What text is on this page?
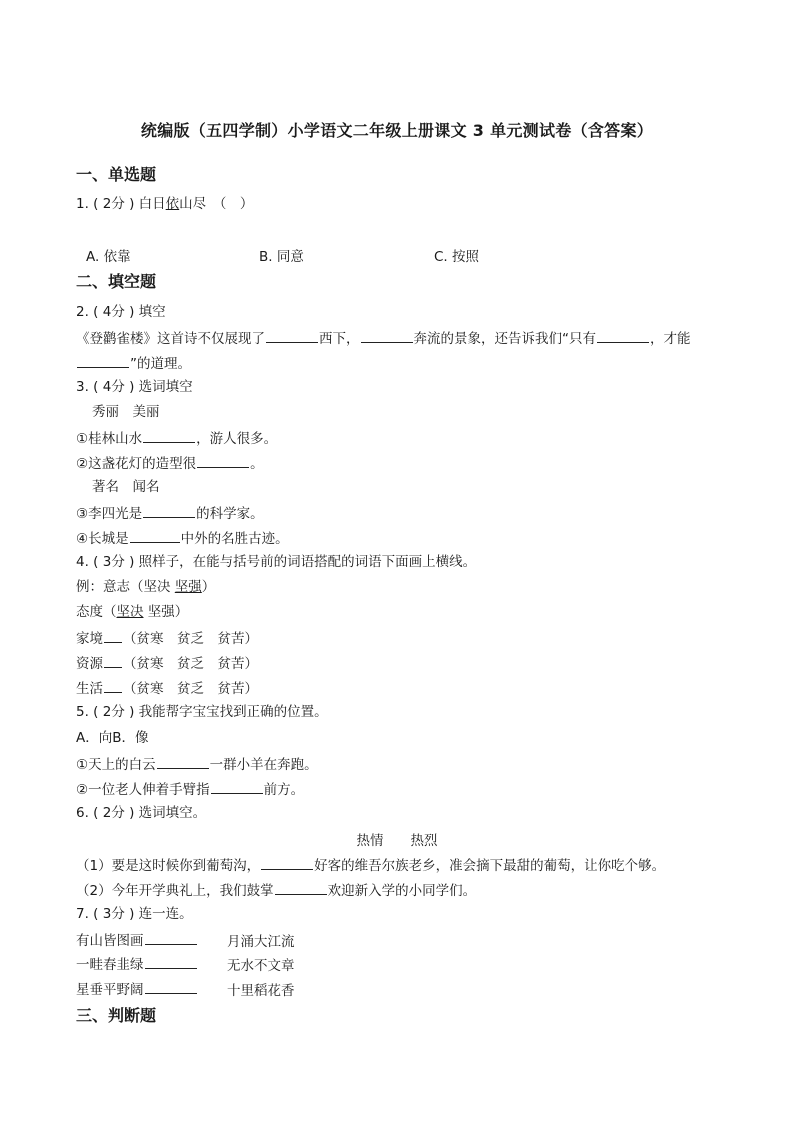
统编版（五四学制）小学语文二年级上册课文 3 单元测试卷（含答案）
一、单选题
1. ( 2分 ) 白日依山尽　（　）
A. 依靠	B. 同意	C. 按照
二、填空题
2. ( 4分 ) 填空
《登鹳雀楼》这首诗不仅展现了	西下，	奔流的景象，还告诉我们“只有	，才能
”的道理。
3. ( 4分 ) 选词填空
秀丽　美丽
①桂林山水	，游人很多。
②这盏花灯的造型很	。
著名　闻名
③李四光是	的科学家。
④长城是	中外的名胜古迹。
4. ( 3分 ) 照样子，在能与括号前的词语搭配的词语下面画上横线。
例：意志（坚决 坚强）
态度（坚决 坚强）
家境 （贫寒　贫乏　贫苦）
资源 （贫寒　贫乏　贫苦）
生活 （贫寒　贫乏　贫苦）
5. ( 2分 ) 我能帮字宝宝找到正确的位置。
A．向B．像
①天上的白云	一群小羊在奔跑。
②一位老人伸着手臂指	前方。
6. ( 2分 ) 选词填空。
热情　　热烈
（1）要是这时候你到葡萄沟，	好客的维吾尔族老乡，准会摘下最甜的葡萄，让你吃个够。
（2）今年开学典礼上，我们鼓掌	欢迎新入学的小同学们。
7. ( 3分 ) 连一连。
有山皆图画	月涌大江流
一畦春韭绿	无水不文章
星垂平野阔	十里稻花香
三、判断题
